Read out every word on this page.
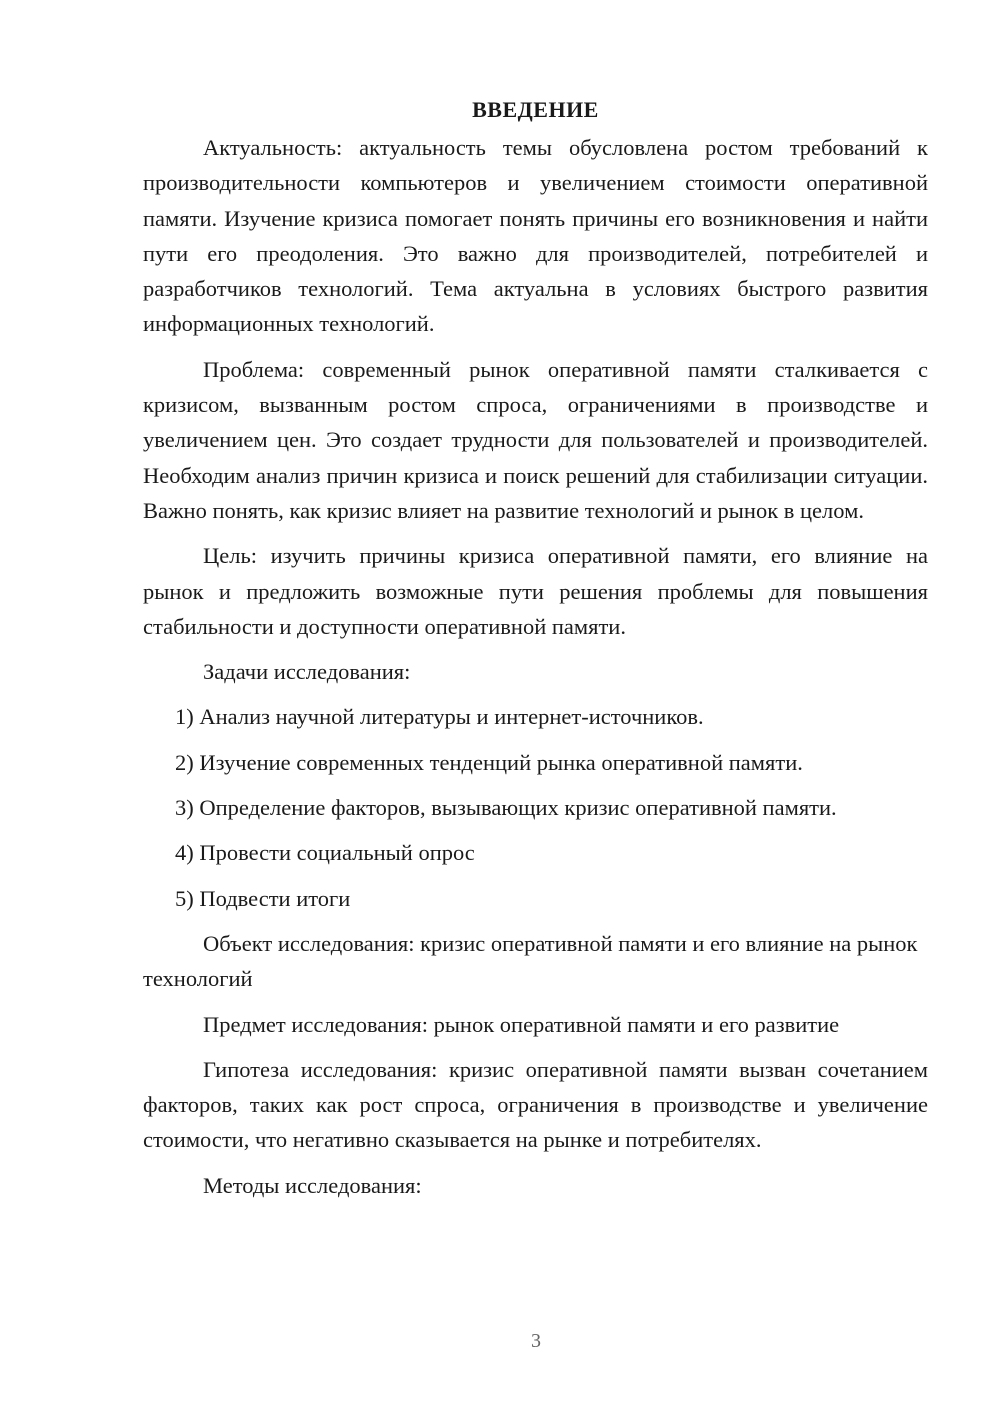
ВВЕДЕНИЕ

Актуальность: актуальность темы обусловлена ростом требований к производительности компьютеров и увеличением стоимости оперативной памяти. Изучение кризиса помогает понять причины его возникновения и найти пути его преодоления. Это важно для производителей, потребителей и разработчиков технологий. Тема актуальна в условиях быстрого развития информационных технологий.

Проблема: современный рынок оперативной памяти сталкивается с кризисом, вызванным ростом спроса, ограничениями в производстве и увеличением цен. Это создает трудности для пользователей и производителей. Необходим анализ причин кризиса и поиск решений для стабилизации ситуации. Важно понять, как кризис влияет на развитие технологий и рынок в целом.

Цель: изучить причины кризиса оперативной памяти, его влияние на рынок и предложить возможные пути решения проблемы для повышения стабильности и доступности оперативной памяти.

Задачи исследования:

1) Анализ научной литературы и интернет-источников.

2) Изучение современных тенденций рынка оперативной памяти.

3) Определение факторов, вызывающих кризис оперативной памяти.

4) Провести социальный опрос

5) Подвести итоги

Объект исследования: кризис оперативной памяти и его влияние на рынок технологий

Предмет исследования: рынок оперативной памяти и его развитие

Гипотеза исследования: кризис оперативной памяти вызван сочетанием факторов, таких как рост спроса, ограничения в производстве и увеличение стоимости, что негативно сказывается на рынке и потребителях.

Методы исследования:

3
